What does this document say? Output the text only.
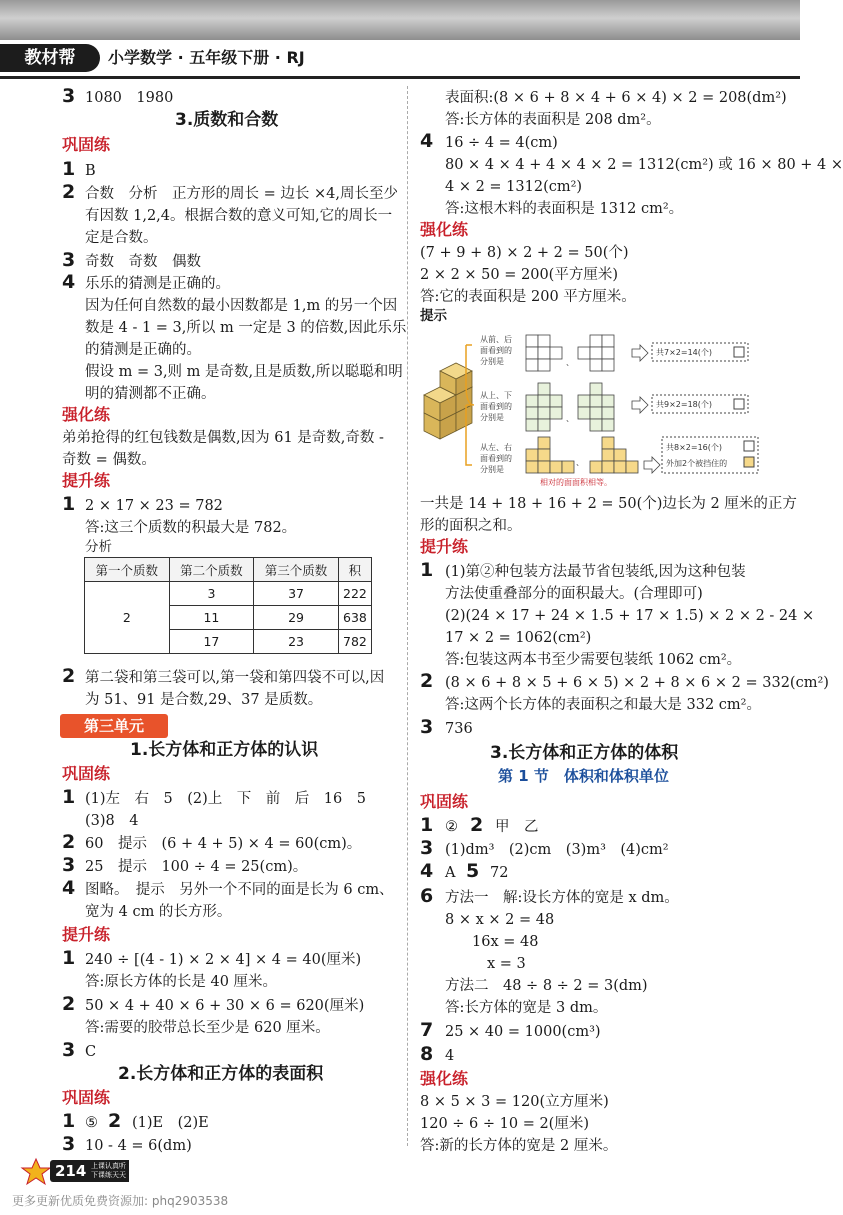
教材帮	小学数学 · 五年级下册 · RJ
3 1080　1980
3.质数和合数
巩固练
1 B
2 合数　分析　正方形的周长 = 边长 ×4,周长至少
有因数 1,2,4。根据合数的意义可知,它的周长一
定是合数。
3 奇数　奇数　偶数
4 乐乐的猜测是正确的。
因为任何自然数的最小因数都是 1,m 的另一个因
数是 4 - 1 = 3,所以 m 一定是 3 的倍数,因此乐乐
的猜测是正确的。
假设 m = 3,则 m 是奇数,且是质数,所以聪聪和明
明的猜测都不正确。
强化练
弟弟抢得的红包钱数是偶数,因为 61 是奇数,奇数 -
奇数 = 偶数。
提升练
1 2 × 17 × 23 = 782
答:这三个质数的积最大是 782。
分析
第一个质数	第二个质数	第三个质数	积
2	3	37	222
	11	29	638
	17	23	782
2 第二袋和第三袋可以,第一袋和第四袋不可以,因
为 51、91 是合数,29、37 是质数。
第三单元
1.长方体和正方体的认识
巩固练
1 (1)左　右　5　(2)上　下　前　后　16　5
(3)8　4
2 60　提示　(6 + 4 + 5) × 4 = 60(cm)。
3 25　提示　100 ÷ 4 = 25(cm)。
4 图略。　提示　另外一个不同的面是长为 6 cm、
宽为 4 cm 的长方形。
提升练
1 240 ÷ [(4 - 1) × 2 × 4] × 4 = 40(厘米)
答:原长方体的长是 40 厘米。
2 50 × 4 + 40 × 6 + 30 × 6 = 620(厘米)
答:需要的胶带总长至少是 620 厘米。
3 C
2.长方体和正方体的表面积
巩固练
1 ⑤ 2 (1)E　(2)E
3 10 - 4 = 6(dm)
表面积:(8 × 6 + 8 × 4 + 6 × 4) × 2 = 208(dm²)
答:长方体的表面积是 208 dm²。
4 16 ÷ 4 = 4(cm)
80 × 4 × 4 + 4 × 4 × 2 = 1312(cm²) 或 16 × 80 + 4 ×
4 × 2 = 1312(cm²)
答:这根木料的表面积是 1312 cm²。
强化练
(7 + 9 + 8) × 2 + 2 = 50(个)
2 × 2 × 50 = 200(平方厘米)
答:它的表面积是 200 平方厘米。
提示
从前、后
面看到的
分别是
从上、下
面看到的
分别是
从左、右
面看到的
分别是
、
、
、
共7×2=14(个)
共9×2=18(个)
共8×2=16(个)
外加2个被挡住的
相对的面面积相等。
一共是 14 + 18 + 16 + 2 = 50(个)边长为 2 厘米的正方
形的面积之和。
提升练
1 (1)第②种包装方法最节省包装纸,因为这种包装
方法使重叠部分的面积最大。(合理即可)
(2)(24 × 17 + 24 × 1.5 + 17 × 1.5) × 2 × 2 - 24 ×
17 × 2 = 1062(cm²)
答:包装这两本书至少需要包装纸 1062 cm²。
2 (8 × 6 + 8 × 5 + 6 × 5) × 2 + 8 × 6 × 2 = 332(cm²)
答:这两个长方体的表面积之和最大是 332 cm²。
3 736
3.长方体和正方体的体积
第 1 节　体积和体积单位
巩固练
1 ② 2 甲　乙
3 (1)dm³　(2)cm　(3)m³　(4)cm²
4 A 5 72
6 方法一　解:设长方体的宽是 x dm。
8 × x × 2 = 48
16x = 48
x = 3
方法二　48 ÷ 8 ÷ 2 = 3(dm)
答:长方体的宽是 3 dm。
7 25 × 40 = 1000(cm³)
8 4
强化练
8 × 5 × 3 = 120(立方厘米)
120 ÷ 6 ÷ 10 = 2(厘米)
答:新的长方体的宽是 2 厘米。
214 上课认真听
下课练天天
更多更新优质免费资源加: phq2903538
